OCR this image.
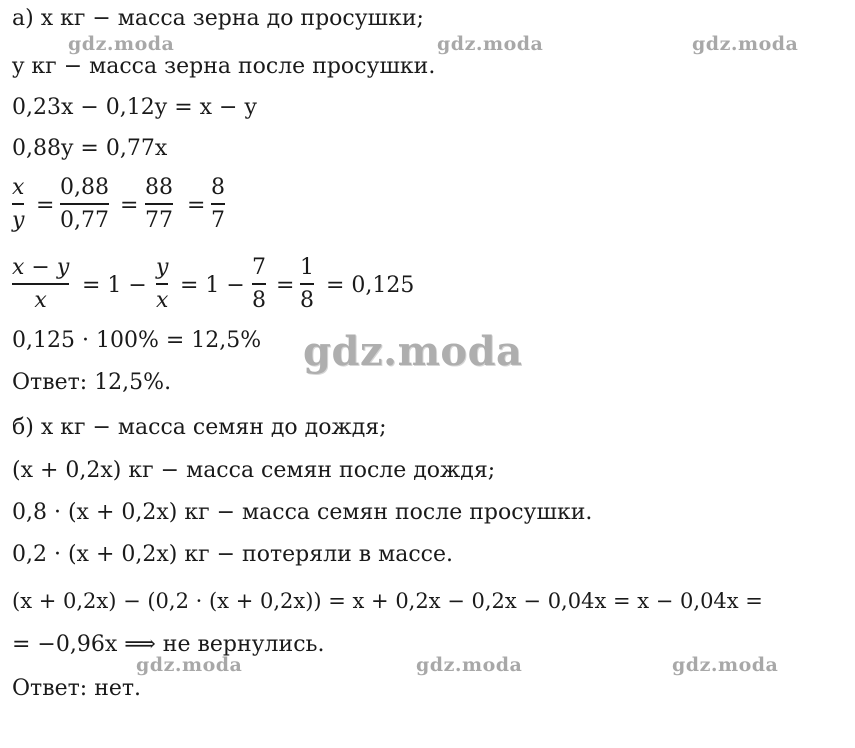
а) x кг − масса зерна до просушки;
y кг − масса зерна после просушки.
0,23x − 0,12y = x − y
0,88y = 0,77x
x
y
=
0,88
0,77
=
88
77
=
8
7
x − y
x
= 1 −
y
x
= 1 −
7
8
=
1
8
= 0,125
0,125 · 100% = 12,5%
Ответ: 12,5%.
б) x кг − масса семян до дождя;
(x + 0,2x) кг − масса семян после дождя;
0,8 · (x + 0,2x) кг − масса семян после просушки.
0,2 · (x + 0,2x) кг − потеряли в массе.
(x + 0,2x) − (0,2 · (x + 0,2x)) = x + 0,2x − 0,2x − 0,04x = x − 0,04x =
= −0,96x ⟹ не вернулись.
Ответ: нет.
gdz.moda	gdz.moda	gdz.moda
gdz.moda
gdz.moda	gdz.moda	gdz.moda
